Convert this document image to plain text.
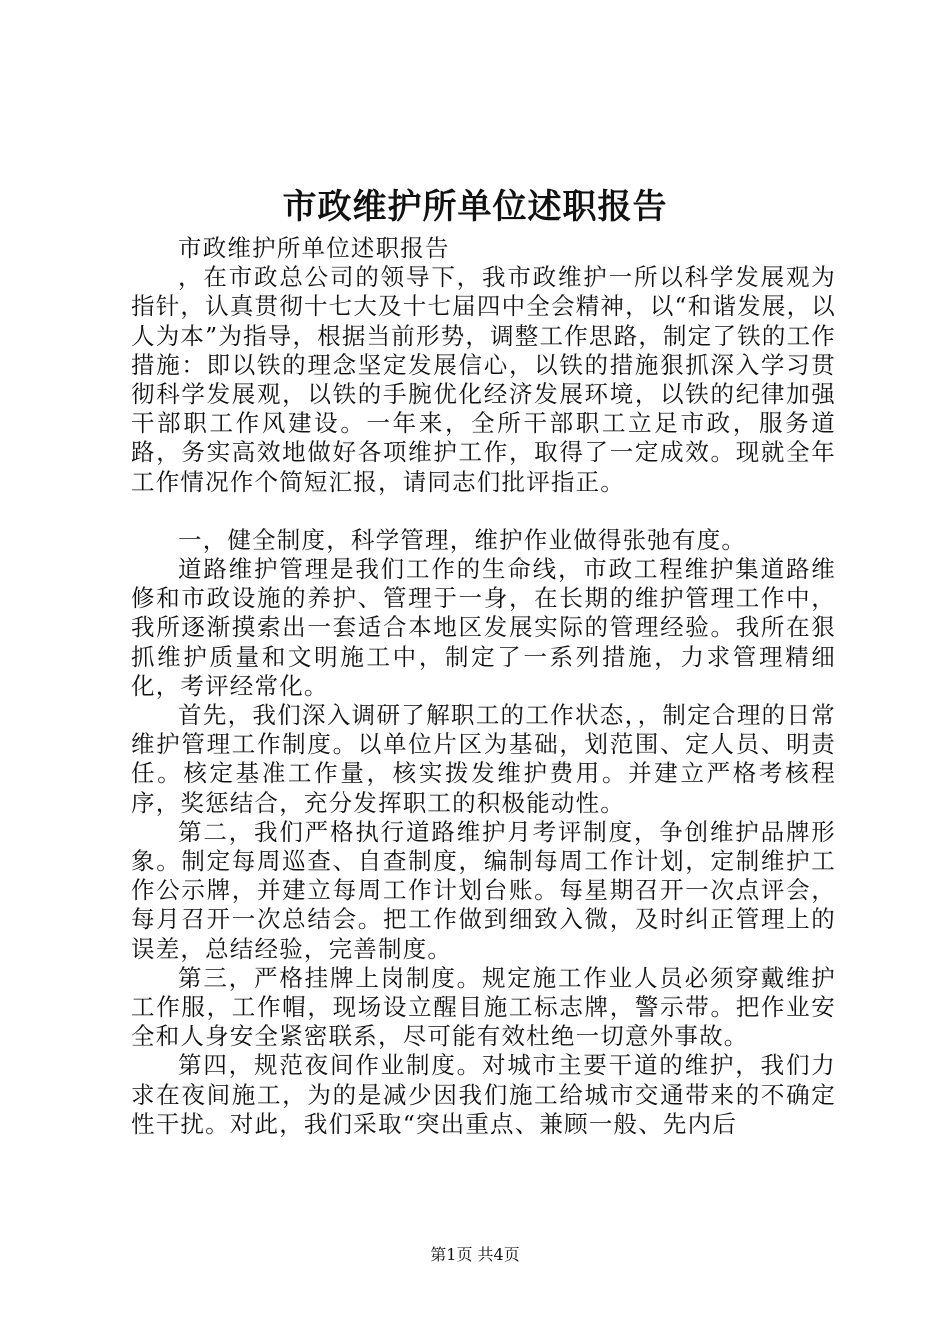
市政维护所单位述职报告

市政维护所单位述职报告

，在市政总公司的领导下，我市政维护一所以科学发展观为指针，认真贯彻十七大及十七届四中全会精神，以“和谐发展，以人为本”为指导，根据当前形势，调整工作思路，制定了铁的工作措施：即以铁的理念坚定发展信心，以铁的措施狠抓深入学习贯彻科学发展观，以铁的手腕优化经济发展环境，以铁的纪律加强干部职工作风建设。一年来，全所干部职工立足市政，服务道路，务实高效地做好各项维护工作，取得了一定成效。现就全年工作情况作个简短汇报，请同志们批评指正。

一，健全制度，科学管理，维护作业做得张弛有度。

道路维护管理是我们工作的生命线，市政工程维护集道路维修和市政设施的养护、管理于一身，在长期的维护管理工作中，我所逐渐摸索出一套适合本地区发展实际的管理经验。我所在狠抓维护质量和文明施工中，制定了一系列措施，力求管理精细化，考评经常化。

首先，我们深入调研了解职工的工作状态，，制定合理的日常维护管理工作制度。以单位片区为基础，划范围、定人员、明责任。核定基准工作量，核实拨发维护费用。并建立严格考核程序，奖惩结合，充分发挥职工的积极能动性。

第二，我们严格执行道路维护月考评制度，争创维护品牌形象。制定每周巡查、自查制度，编制每周工作计划，定制维护工作公示牌，并建立每周工作计划台账。每星期召开一次点评会，每月召开一次总结会。把工作做到细致入微，及时纠正管理上的误差，总结经验，完善制度。

第三，严格挂牌上岗制度。规定施工作业人员必须穿戴维护工作服，工作帽，现场设立醒目施工标志牌，警示带。把作业安全和人身安全紧密联系，尽可能有效杜绝一切意外事故。

第四，规范夜间作业制度。对城市主要干道的维护，我们力求在夜间施工，为的是减少因我们施工给城市交通带来的不确定性干扰。对此，我们采取“突出重点、兼顾一般、先内后

第1页 共4页
